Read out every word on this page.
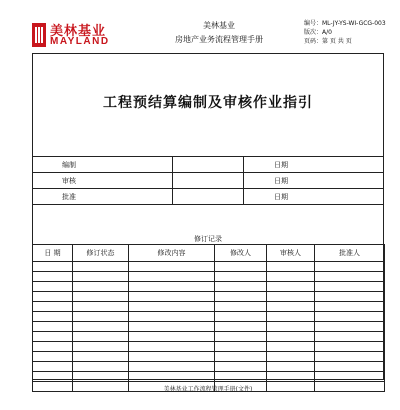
美林基业
MAYLAND
美林基业
房地产业务流程管理手册
编号：ML-JY-YS-WI-GCG-003
版次：A/0
页码：第 页 共 页
工程预结算编制及审核作业指引
编制		日期
审核		日期
批准		日期
修订记录
日 期	修订状态	修改内容	修改人	审核人	批准人

美林基业工作流程管理手册(文件)
